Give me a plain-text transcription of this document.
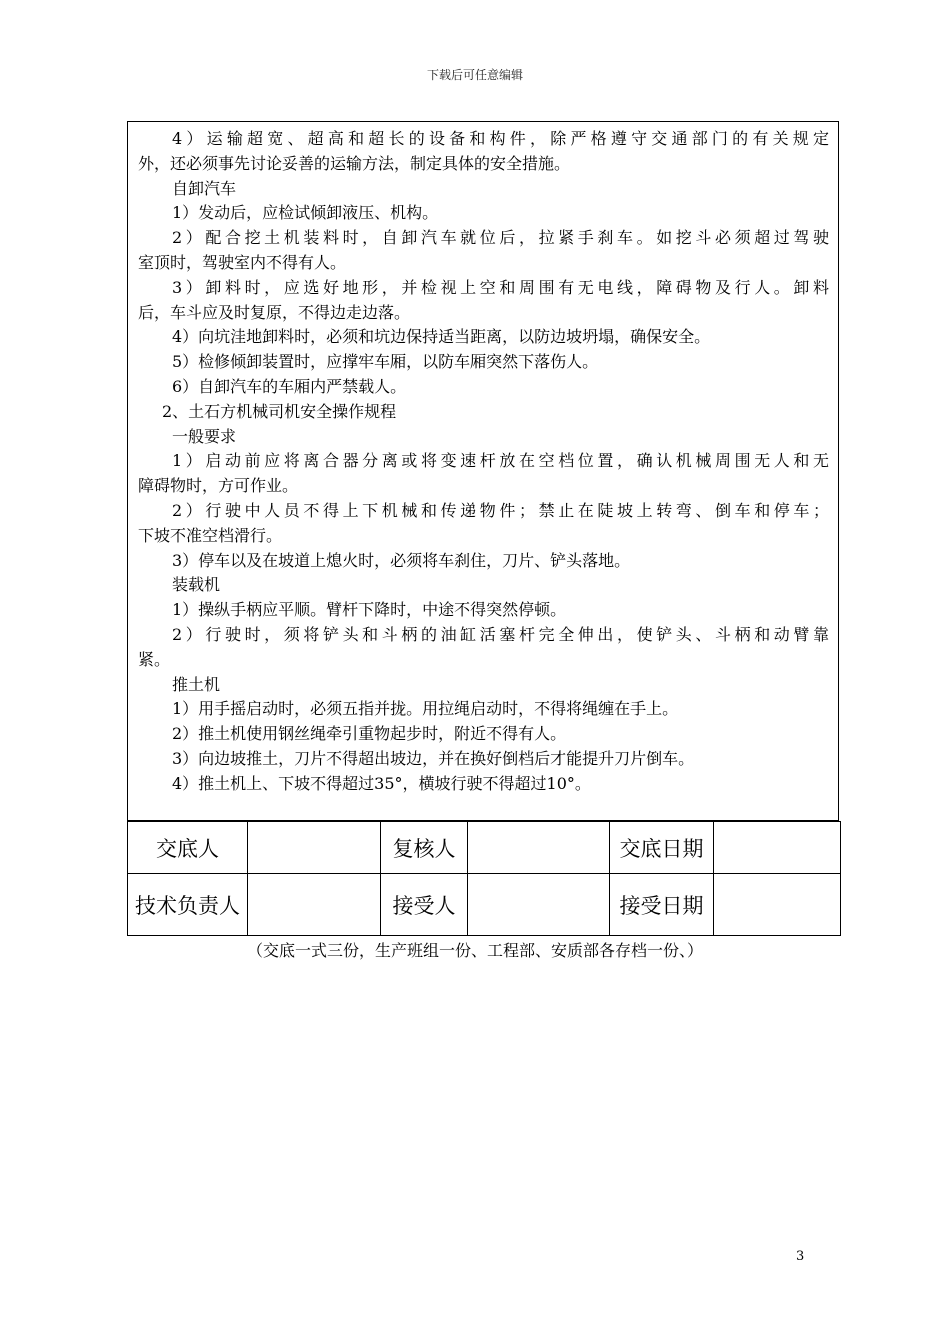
下载后可任意编辑
4）运输超宽、超高和超长的设备和构件，除严格遵守交通部门的有关规定
外，还必须事先讨论妥善的运输方法，制定具体的安全措施。
自卸汽车
1）发动后，应检试倾卸液压、机构。
2）配合挖土机装料时，自卸汽车就位后，拉紧手刹车。如挖斗必须超过驾驶
室顶时，驾驶室内不得有人。
3）卸料时，应选好地形，并检视上空和周围有无电线，障碍物及行人。卸料
后，车斗应及时复原，不得边走边落。
4）向坑洼地卸料时，必须和坑边保持适当距离，以防边坡坍塌，确保安全。
5）检修倾卸装置时，应撑牢车厢，以防车厢突然下落伤人。
6）自卸汽车的车厢内严禁载人。
2、土石方机械司机安全操作规程
一般要求
1）启动前应将离合器分离或将变速杆放在空档位置，确认机械周围无人和无
障碍物时，方可作业。
2）行驶中人员不得上下机械和传递物件；禁止在陡坡上转弯、倒车和停车；
下坡不准空档滑行。
3）停车以及在坡道上熄火时，必须将车刹住，刀片、铲头落地。
装载机
1）操纵手柄应平顺。臂杆下降时，中途不得突然停顿。
2）行驶时，须将铲头和斗柄的油缸活塞杆完全伸出，使铲头、斗柄和动臂靠
紧。
推土机
1）用手摇启动时，必须五指并拢。用拉绳启动时，不得将绳缠在手上。
2）推土机使用钢丝绳牵引重物起步时，附近不得有人。
3）向边坡推土，刀片不得超出坡边，并在换好倒档后才能提升刀片倒车。
4）推土机上、下坡不得超过35°，横坡行驶不得超过10°。
交底人		复核人		交底日期	
技术负责人		接受人		接受日期	
（交底一式三份，生产班组一份、工程部、安质部各存档一份、）
3
